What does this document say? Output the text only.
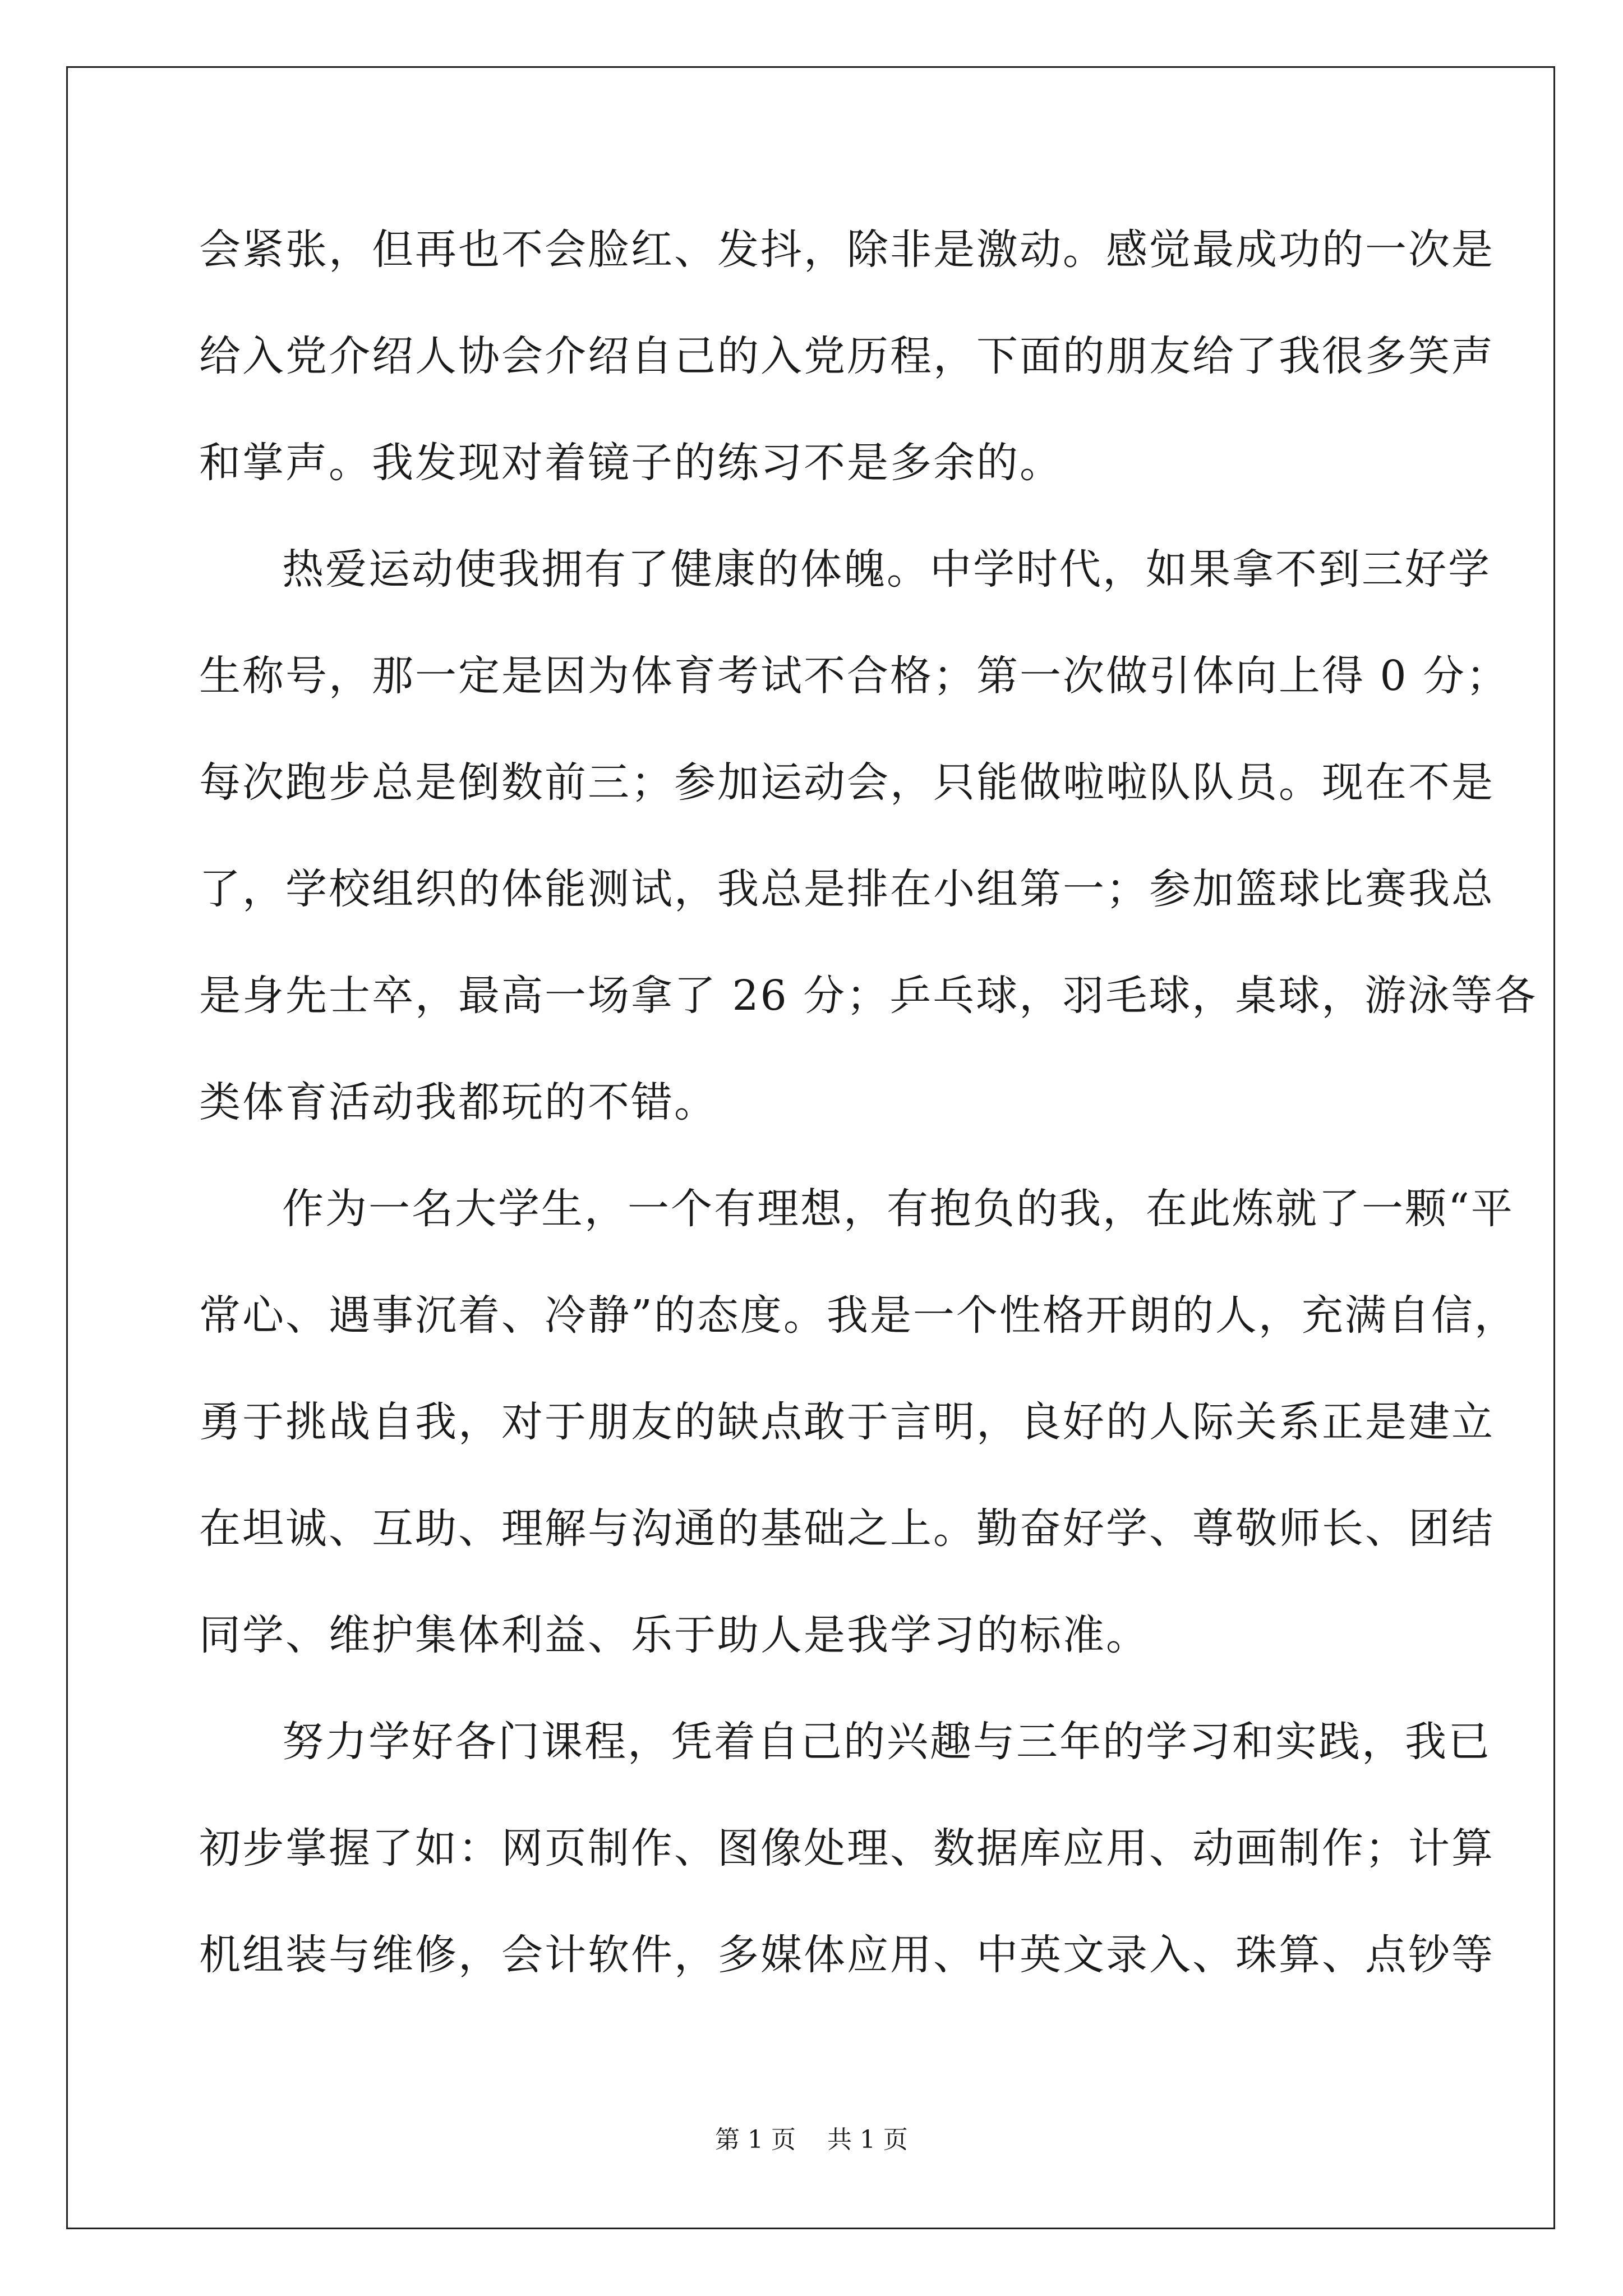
会紧张，但再也不会脸红、发抖，除非是激动。感觉最成功的一次是
给入党介绍人协会介绍自己的入党历程，下面的朋友给了我很多笑声
和掌声。我发现对着镜子的练习不是多余的。
热爱运动使我拥有了健康的体魄。中学时代，如果拿不到三好学
生称号，那一定是因为体育考试不合格；第一次做引体向上得 0 分；
每次跑步总是倒数前三；参加运动会，只能做啦啦队队员。现在不是
了，学校组织的体能测试，我总是排在小组第一；参加篮球比赛我总
是身先士卒，最高一场拿了 26 分；乒乓球，羽毛球，桌球，游泳等各
类体育活动我都玩的不错。
作为一名大学生，一个有理想，有抱负的我，在此炼就了一颗“平
常心、遇事沉着、冷静”的态度。我是一个性格开朗的人，充满自信，
勇于挑战自我，对于朋友的缺点敢于言明，良好的人际关系正是建立
在坦诚、互助、理解与沟通的基础之上。勤奋好学、尊敬师长、团结
同学、维护集体利益、乐于助人是我学习的标准。
努力学好各门课程，凭着自己的兴趣与三年的学习和实践，我已
初步掌握了如：网页制作、图像处理、数据库应用、动画制作；计算
机组装与维修，会计软件，多媒体应用、中英文录入、珠算、点钞等
第 1 页    共 1 页
